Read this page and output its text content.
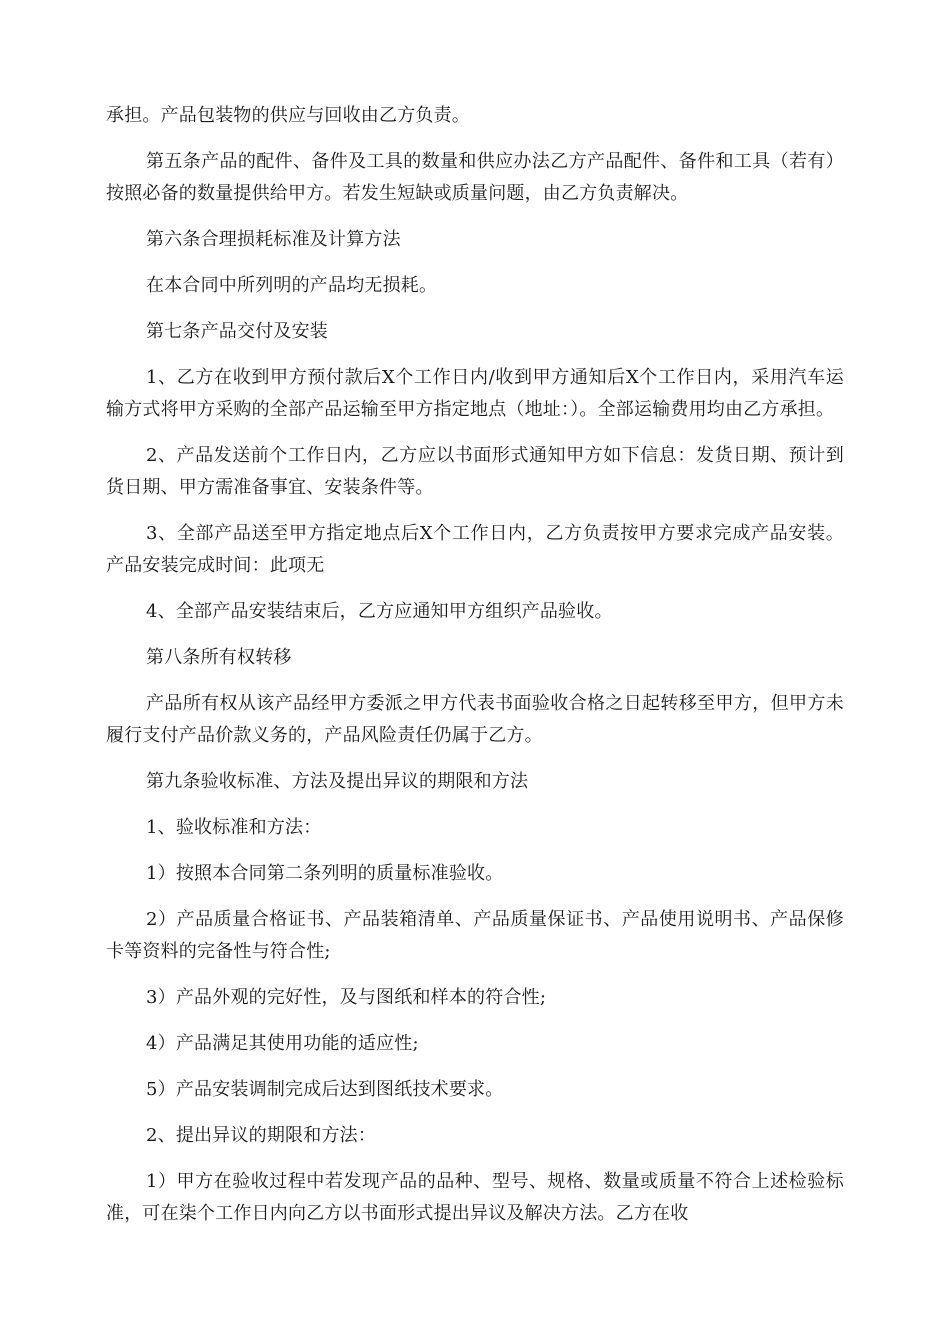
承担。产品包装物的供应与回收由乙方负责。

第五条产品的配件、备件及工具的数量和供应办法乙方产品配件、备件和工具（若有）按照必备的数量提供给甲方。若发生短缺或质量问题，由乙方负责解决。

第六条合理损耗标准及计算方法

在本合同中所列明的产品均无损耗。

第七条产品交付及安装

1、乙方在收到甲方预付款后X个工作日内/收到甲方通知后X个工作日内，采用汽车运输方式将甲方采购的全部产品运输至甲方指定地点（地址：）。全部运输费用均由乙方承担。

2、产品发送前个工作日内，乙方应以书面形式通知甲方如下信息：发货日期、预计到货日期、甲方需准备事宜、安装条件等。

3、全部产品送至甲方指定地点后X个工作日内，乙方负责按甲方要求完成产品安装。产品安装完成时间：此项无

4、全部产品安装结束后，乙方应通知甲方组织产品验收。

第八条所有权转移

产品所有权从该产品经甲方委派之甲方代表书面验收合格之日起转移至甲方，但甲方未履行支付产品价款义务的，产品风险责任仍属于乙方。

第九条验收标准、方法及提出异议的期限和方法

1、验收标准和方法：

1）按照本合同第二条列明的质量标准验收。

2）产品质量合格证书、产品装箱清单、产品质量保证书、产品使用说明书、产品保修卡等资料的完备性与符合性;

3）产品外观的完好性，及与图纸和样本的符合性;

4）产品满足其使用功能的适应性;

5）产品安装调制完成后达到图纸技术要求。

2、提出异议的期限和方法：

1）甲方在验收过程中若发现产品的品种、型号、规格、数量或质量不符合上述检验标准，可在柒个工作日内向乙方以书面形式提出异议及解决方法。乙方在收
